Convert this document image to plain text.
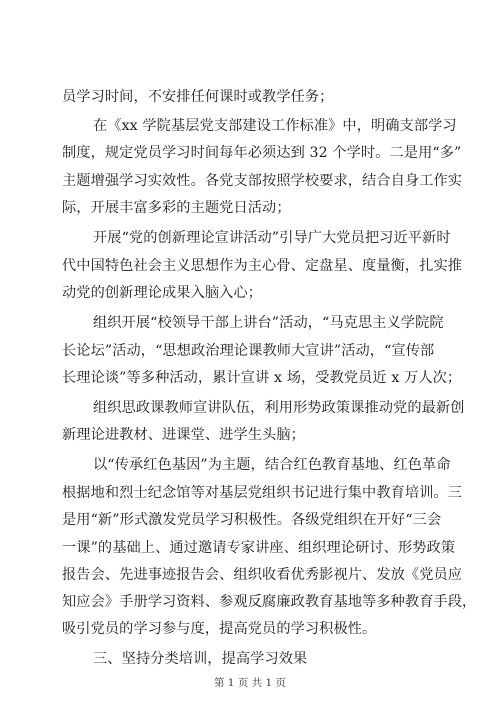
员学习时间，不安排任何课时或教学任务；
在《xx 学院基层党支部建设工作标准》中，明确支部学习
制度，规定党员学习时间每年必须达到 32 个学时。二是用“多”
主题增强学习实效性。各党支部按照学校要求，结合自身工作实
际，开展丰富多彩的主题党日活动；
开展“党的创新理论宣讲活动”引导广大党员把习近平新时
代中国特色社会主义思想作为主心骨、定盘星、度量衡，扎实推
动党的创新理论成果入脑入心；
组织开展“校领导干部上讲台”活动，“马克思主义学院院
长论坛”活动，“思想政治理论课教师大宣讲”活动，“宣传部
长理论谈”等多种活动，累计宣讲 x 场，受教党员近 x 万人次；
组织思政课教师宣讲队伍，利用形势政策课推动党的最新创
新理论进教材、进课堂、进学生头脑；
以“传承红色基因”为主题，结合红色教育基地、红色革命
根据地和烈士纪念馆等对基层党组织书记进行集中教育培训。三
是用“新”形式激发党员学习积极性。各级党组织在开好“三会
一课”的基础上、通过邀请专家讲座、组织理论研讨、形势政策
报告会、先进事迹报告会、组织收看优秀影视片、发放《党员应
知应会》手册学习资料、参观反腐廉政教育基地等多种教育手段，
吸引党员的学习参与度，提高党员的学习积极性。
三、坚持分类培训，提高学习效果
第 1 页 共 1 页
